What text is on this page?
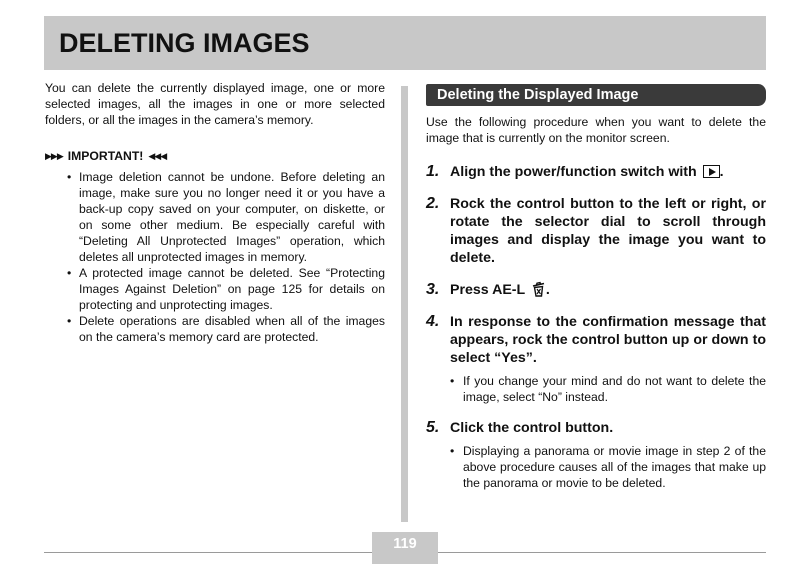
DELETING IMAGES

You can delete the currently displayed image, one or more selected images, all the images in one or more selected folders, or all the images in the camera’s memory.

▶▶▶ IMPORTANT! ◀◀◀
• Image deletion cannot be undone. Before deleting an image, make sure you no longer need it or you have a back-up copy saved on your computer, on diskette, or on some other medium. Be especially careful with “Deleting All Unprotected Images” operation, which deletes all unprotected images in memory.
• A protected image cannot be deleted. See “Protecting Images Against Deletion” on page 125 for details on protecting and unprotecting images.
• Delete operations are disabled when all of the images on the camera’s memory card are protected.
Deleting the Displayed Image

Use the following procedure when you want to delete the image that is currently on the monitor screen.

1. Align the power/function switch with .

2. Rock the control button to the left or right, or rotate the selector dial to scroll through images and display the image you want to delete.

3. Press AE-L .

4. In response to the confirmation message that appears, rock the control button up or down to select “Yes”.

• If you change your mind and do not want to delete the image, select “No” instead.
5. Click the control button.

• Displaying a panorama or movie image in step 2 of the above procedure causes all of the images that make up the panorama or movie to be deleted.
119
